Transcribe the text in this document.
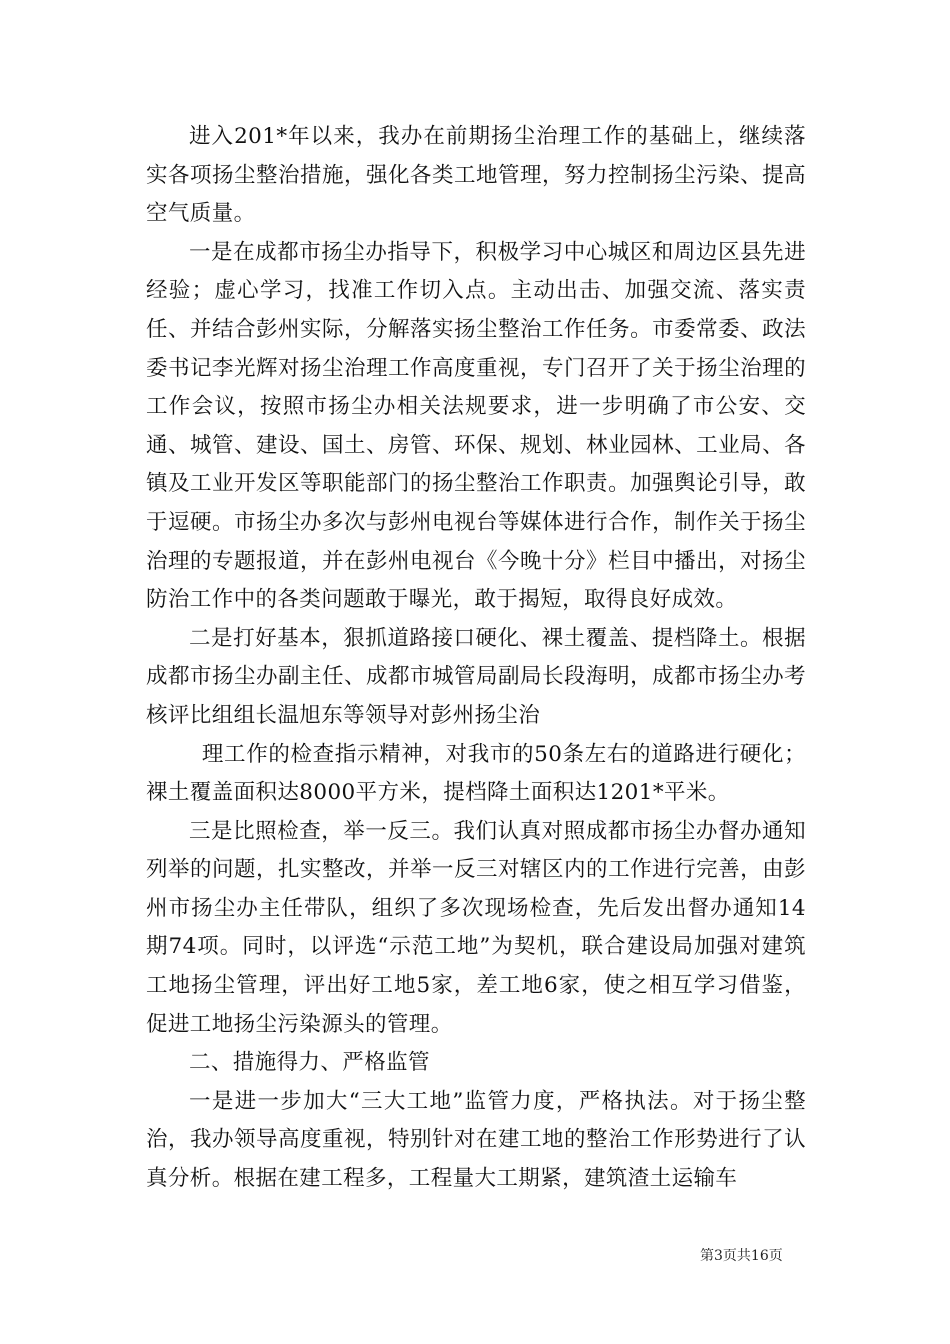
进入201*年以来，我办在前期扬尘治理工作的基础上，继续落实各项扬尘整治措施，强化各类工地管理，努力控制扬尘污染、提高空气质量。

一是在成都市扬尘办指导下，积极学习中心城区和周边区县先进经验；虚心学习，找准工作切入点。主动出击、加强交流、落实责任、并结合彭州实际，分解落实扬尘整治工作任务。市委常委、政法委书记李光辉对扬尘治理工作高度重视，专门召开了关于扬尘治理的工作会议，按照市扬尘办相关法规要求，进一步明确了市公安、交通、城管、建设、国土、房管、环保、规划、林业园林、工业局、各镇及工业开发区等职能部门的扬尘整治工作职责。加强舆论引导，敢于逗硬。市扬尘办多次与彭州电视台等媒体进行合作，制作关于扬尘治理的专题报道，并在彭州电视台《今晚十分》栏目中播出，对扬尘防治工作中的各类问题敢于曝光，敢于揭短，取得良好成效。

二是打好基本，狠抓道路接口硬化、裸土覆盖、提档降土。根据成都市扬尘办副主任、成都市城管局副局长段海明，成都市扬尘办考核评比组组长温旭东等领导对彭州扬尘治

理工作的检查指示精神，对我市的50条左右的道路进行硬化；裸土覆盖面积达8000平方米，提档降土面积达1201*平米。

三是比照检查，举一反三。我们认真对照成都市扬尘办督办通知列举的问题，扎实整改，并举一反三对辖区内的工作进行完善，由彭州市扬尘办主任带队，组织了多次现场检查，先后发出督办通知14期74项。同时，以评选“示范工地”为契机，联合建设局加强对建筑工地扬尘管理，评出好工地5家，差工地6家，使之相互学习借鉴，促进工地扬尘污染源头的管理。

二、措施得力、严格监管

一是进一步加大“三大工地”监管力度，严格执法。对于扬尘整治，我办领导高度重视，特别针对在建工地的整治工作形势进行了认真分析。根据在建工程多，工程量大工期紧，建筑渣土运输车

第3页共16页
